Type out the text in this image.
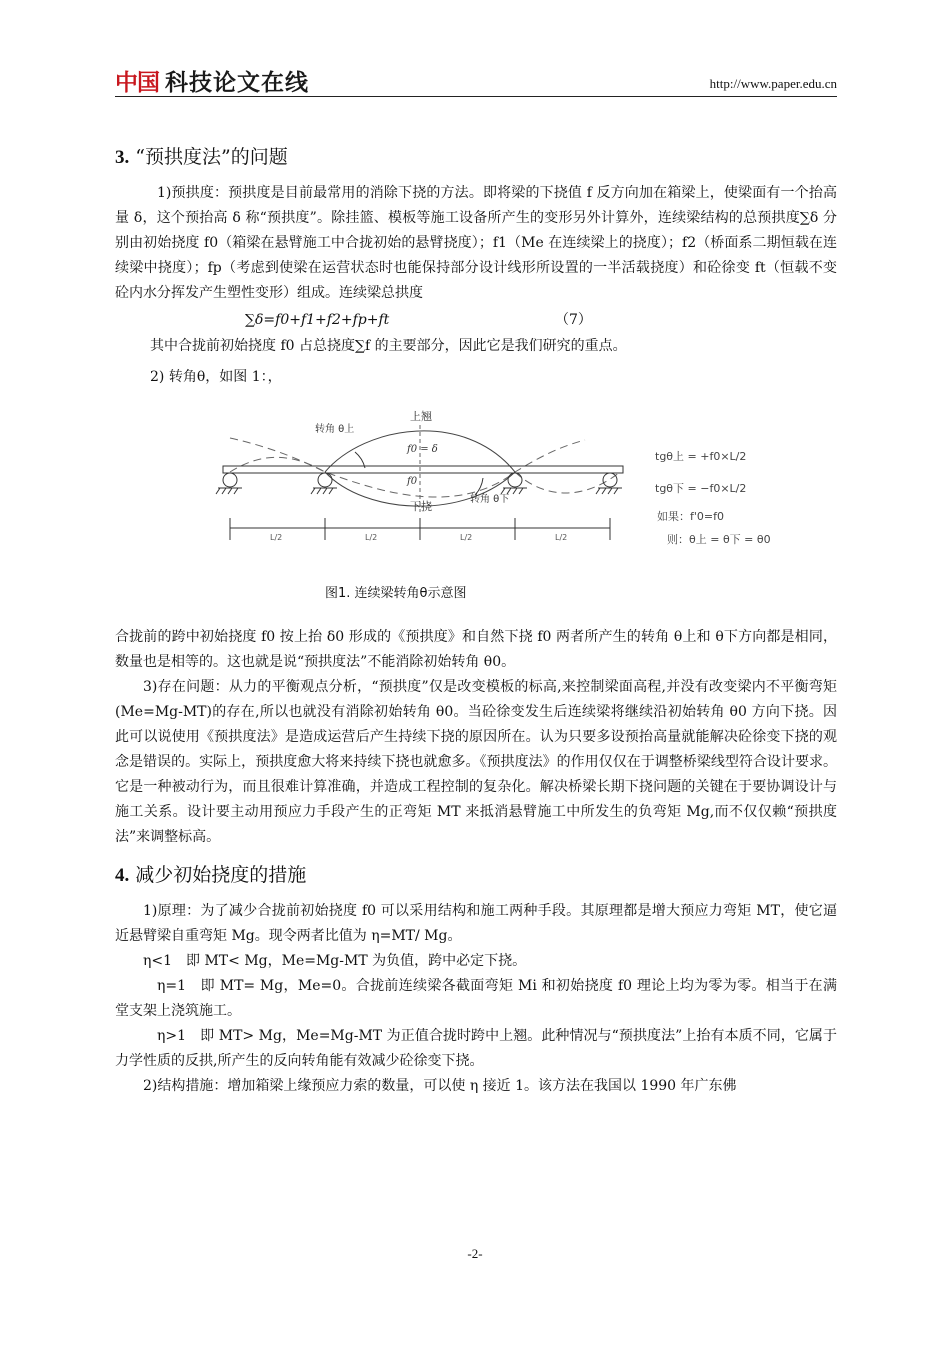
中国 科技论文在线	http://www.paper.edu.cn
3. “预拱度法”的问题

1)预拱度：预拱度是目前最常用的消除下挠的方法。即将梁的下挠值 f 反方向加在箱梁上，使梁面有一个抬高量 δ，这个预抬高 δ 称“预拱度”。除挂篮、模板等施工设备所产生的变形另外计算外，连续梁结构的总预拱度∑δ 分别由初始挠度 f0（箱梁在悬臂施工中合拢初始的悬臂挠度）；f1（Me 在连续梁上的挠度）；f2（桥面系二期恒载在连续梁中挠度）；fp（考虑到使梁在运营状态时也能保持部分设计线形所设置的一半活载挠度）和砼徐变 ft（恒载不变砼内水分挥发产生塑性变形）组成。连续梁总拱度

∑δ=f0+f1+f2+fp+ft	（7）

其中合拢前初始挠度 f0 占总挠度∑f 的主要部分，因此它是我们研究的重点。

2) 转角θ，如图 1：，

上翘
转角 θ上
f0 = δ
f0
下挠
转角 θ下
L/2	L/2	L/2	L/2
tgθ上 = +f0×L/2
tgθ下 = −f0×L/2
如果：f'0=f0
则：θ上 = θ下 = θ0
图1. 连续梁转角θ示意图

合拢前的跨中初始挠度 f0 按上抬 δ0 形成的《预拱度》和自然下挠 f0 两者所产生的转角 θ上和 θ下方向都是相同，数量也是相等的。这也就是说“预拱度法”不能消除初始转角 θ0。

3)存在问题：从力的平衡观点分析，“预拱度”仅是改变模板的标高,来控制梁面高程,并没有改变梁内不平衡弯矩(Me=Mg-MT)的存在,所以也就没有消除初始转角 θ0。当砼徐变发生后连续梁将继续沿初始转角 θ0 方向下挠。因此可以说使用《预拱度法》是造成运营后产生持续下挠的原因所在。认为只要多设预抬高量就能解决砼徐变下挠的观念是错误的。实际上，预拱度愈大将来持续下挠也就愈多。《预拱度法》的作用仅仅在于调整桥梁线型符合设计要求。它是一种被动行为，而且很难计算准确，并造成工程控制的复杂化。解决桥梁长期下挠问题的关键在于要协调设计与施工关系。设计要主动用预应力手段产生的正弯矩 MT 来抵消悬臂施工中所发生的负弯矩 Mg,而不仅仅赖“预拱度法”来调整标高。

4. 减少初始挠度的措施

1)原理：为了减少合拢前初始挠度 f0 可以采用结构和施工两种手段。其原理都是增大预应力弯矩 MT，使它逼近悬臂梁自重弯矩 Mg。现令两者比值为 η=MT/ Mg。

η<1　即 MT< Mg，Me=Mg-MT 为负值，跨中必定下挠。

η=1　即 MT= Mg，Me=0。合拢前连续梁各截面弯矩 Mi 和初始挠度 f0 理论上均为零为零。相当于在满堂支架上浇筑施工。

η>1　即 MT> Mg，Me=Mg-MT 为正值合拢时跨中上翘。此种情况与“预拱度法”上抬有本质不同，它属于力学性质的反拱,所产生的反向转角能有效减少砼徐变下挠。

2)结构措施：增加箱梁上缘预应力索的数量，可以使 η 接近 1。该方法在我国以 1990 年广东佛

-2-
